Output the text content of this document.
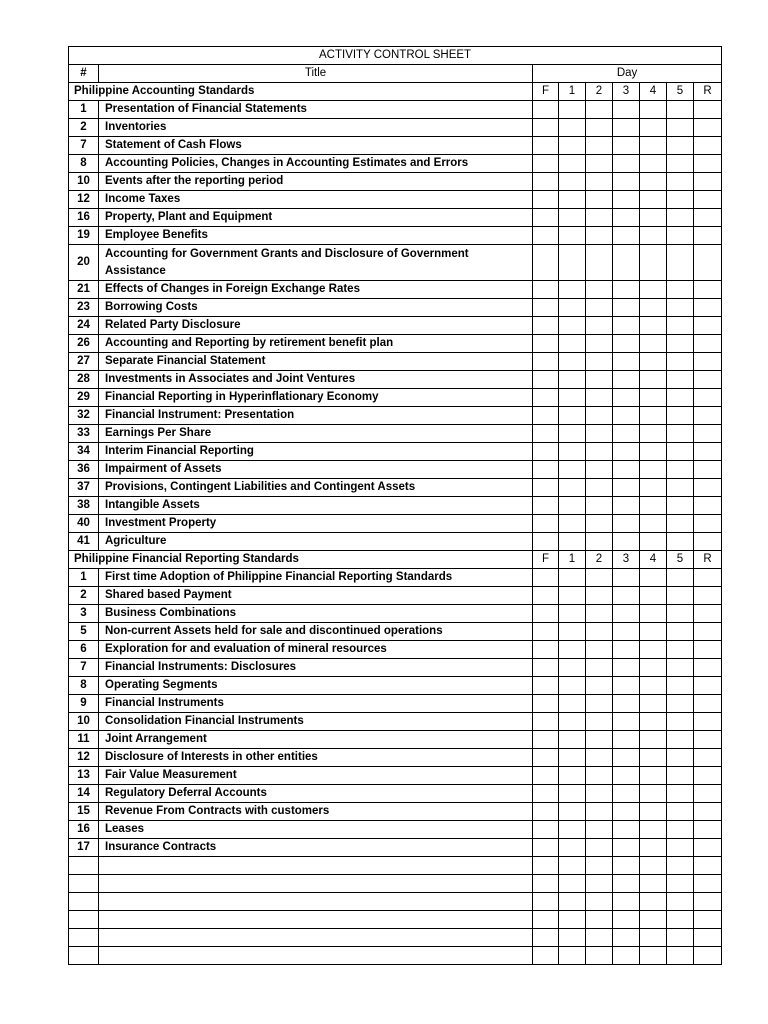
ACTIVITY CONTROL SHEET								
#	Title	Day						
Philippine Accounting Standards		F	1	2	3	4	5	R
1	Presentation of Financial Statements							
2	Inventories							
7	Statement of Cash Flows							
8	Accounting Policies, Changes in Accounting Estimates and Errors							
10	Events after the reporting period							
12	Income Taxes							
16	Property, Plant and Equipment							
19	Employee Benefits							
20	Accounting for Government Grants and Disclosure of Government Assistance							
21	Effects of Changes in Foreign Exchange Rates							
23	Borrowing Costs							
24	Related Party Disclosure							
26	Accounting and Reporting by retirement benefit plan							
27	Separate Financial Statement							
28	Investments in Associates and Joint Ventures							
29	Financial Reporting in Hyperinflationary Economy							
32	Financial Instrument: Presentation							
33	Earnings Per Share							
34	Interim Financial Reporting							
36	Impairment of Assets							
37	Provisions, Contingent Liabilities and Contingent Assets							
38	Intangible Assets							
40	Investment Property							
41	Agriculture							
Philippine Financial Reporting Standards		F	1	2	3	4	5	R
1	First time Adoption of Philippine Financial Reporting Standards							
2	Shared based Payment							
3	Business Combinations							
5	Non-current Assets held for sale and discontinued operations							
6	Exploration for and evaluation of mineral resources							
7	Financial Instruments: Disclosures							
8	Operating Segments							
9	Financial Instruments							
10	Consolidation Financial Instruments							
11	Joint Arrangement							
12	Disclosure of Interests in other entities							
13	Fair Value Measurement							
14	Regulatory Deferral Accounts							
15	Revenue From Contracts with customers							
16	Leases							
17	Insurance Contracts							
